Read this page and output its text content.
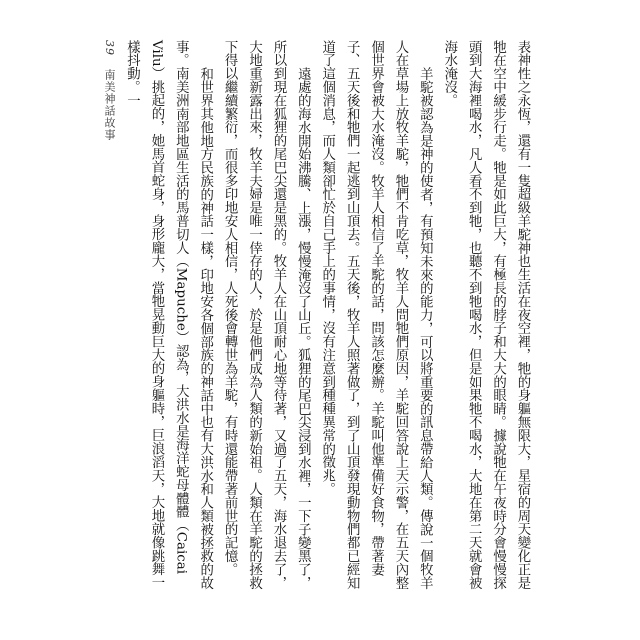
39 南美神話故事	表神性之永恆，還有一隻超級羊駝神也生活在夜空裡，牠的身軀無限大，星宿的周天變化正是牠在空中緩步行走。牠是如此巨大，有極長的脖子和大大的眼睛。據說牠在午夜時分會慢慢探頭到大海裡喝水，凡人看不到牠，也聽不到牠喝水，但是如果牠不喝水，大地在第二天就會被海水淹沒。

羊駝被認為是神的使者，有預知未來的能力，可以將重要的訊息帶給人類。傳說一個牧羊人在草場上放牧羊駝，牠們不肯吃草，牧羊人問牠們原因，羊駝回答說上天示警，在五天內整個世界會被大水淹沒。牧羊人相信了羊駝的話，問該怎麼辦。羊駝叫他準備好食物，帶著妻子、五天後和牠們一起逃到山頂去。五天後，牧羊人照著做了，到了山頂發現動物們都已經知道了這個消息，而人類卻忙於自己手上的事情，沒有注意到種種異常的徵兆。

遠處的海水開始沸騰、上漲，慢慢淹沒了山丘。狐狸的尾巴尖浸到水裡，一下子變黑了，所以到現在狐狸的尾巴尖還是黑的。牧羊人在山頂耐心地等待著，又過了五天，海水退去了，大地重新露出來，牧羊夫婦是唯一倖存的人，於是他們成為人類的新始祖。人類在羊駝的拯救下得以繼續繁衍，而很多印地安人相信，人死後會轉世為羊駝，有時還能帶著前世的記憶。

和世界其他地方民族的神話一樣，印地安各個部族的神話中也有大洪水和人類被拯救的故事。南美洲南部地區生活的馬普切人（Mapuche）認為，大洪水是海洋蛇母體體（Caicai Vilu）挑起的，她馬首蛇身，身形龐大，當牠晃動巨大的身軀時，巨浪滔天，大地就像跳舞一樣抖動。一
